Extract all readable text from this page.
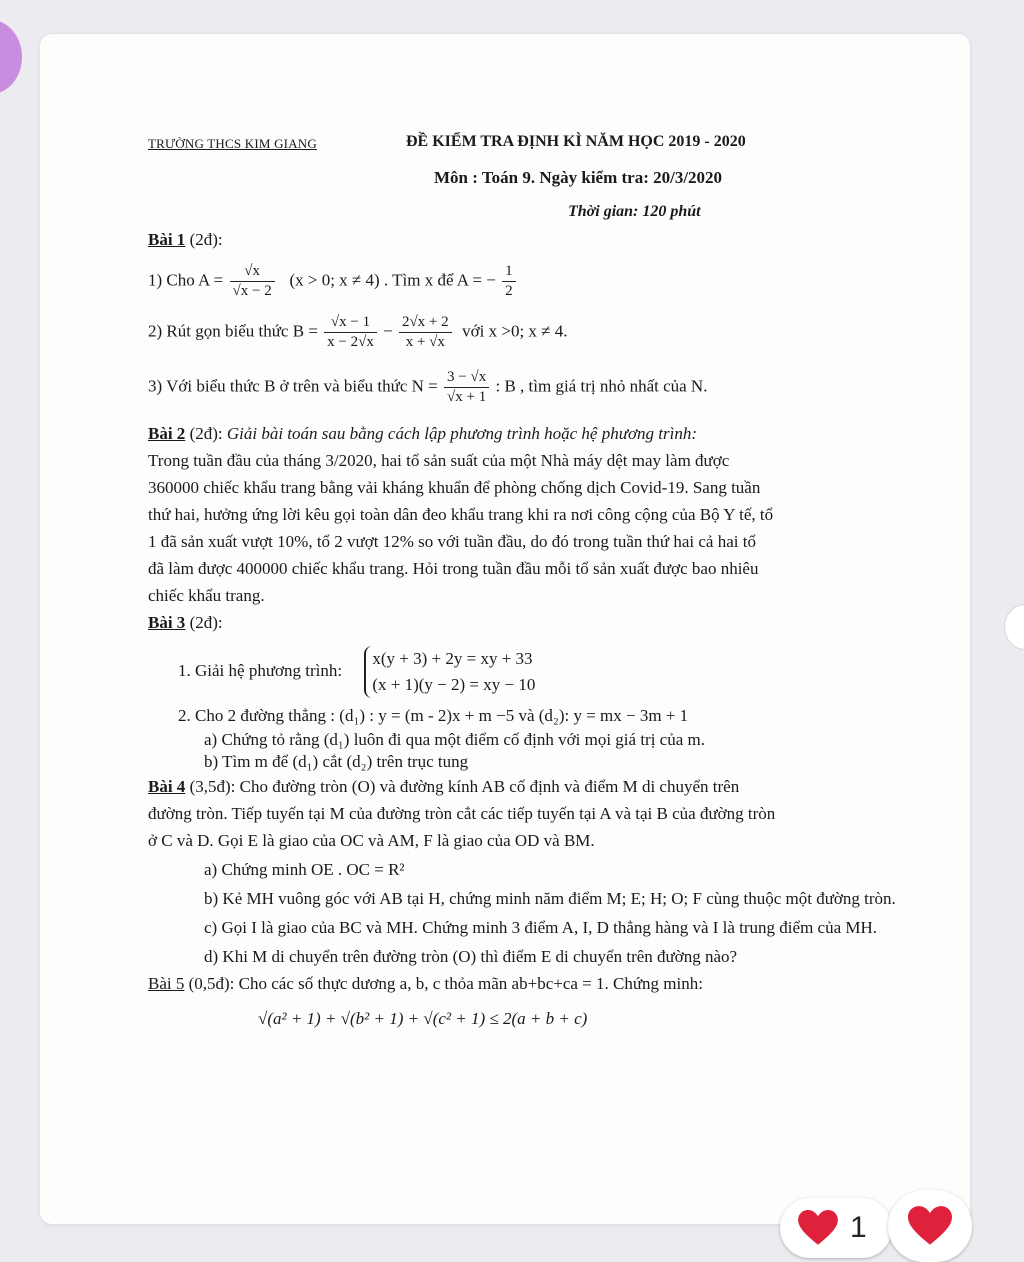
TRƯỜNG THCS KIM GIANG	ĐỀ KIỂM TRA ĐỊNH KÌ NĂM HỌC 2019 - 2020
Môn : Toán 9. Ngày kiểm tra: 20/3/2020
Thời gian: 120 phút
Bài 1 (2đ):
1) Cho $A = \frac{√x}{√x - 2} (x > 0$; x ≠ 4) . Tìm x để A = − $\frac{1}{2}$
2) Rút gọn biểu thức $B = \frac{√x - 1}{x - 2√x} - \frac{2√x + 2}{x + √x}$ với x >0; x ≠ 4.
3) Với biểu thức B ở trên và biểu thức $N = \frac{3 - √x}{√x + 1}$ : B , tìm giá trị nhỏ nhất của N.
Bài 2 (2đ): Giải bài toán sau bằng cách lập phương trình hoặc hệ phương trình:
Trong tuần đầu của tháng 3/2020, hai tổ sản suất của một Nhà máy dệt may làm được
360000 chiếc khẩu trang bằng vải kháng khuẩn để phòng chống dịch Covid-19. Sang tuần
thứ hai, hưởng ứng lời kêu gọi toàn dân đeo khẩu trang khi ra nơi công cộng của Bộ Y tế, tổ
1 đã sản xuất vượt 10%, tổ 2 vượt 12% so với tuần đầu, do đó trong tuần thứ hai cả hai tổ
đã làm được 400000 chiếc khẩu trang. Hỏi trong tuần đầu mỗi tổ sản xuất được bao nhiêu
chiếc khẩu trang.
Bài 3 (2đ):
1. Giải hệ phương trình:
x(y + 3) + 2y = xy + 33
(x + 1)(y − 2) = xy − 10
2. Cho 2 đường thẳng : (d₁) : y = (m - 2)x + m −5 và (d₂): y = mx − 3m + 1
a) Chứng tỏ rằng (d₁) luôn đi qua một điểm cố định với mọi giá trị của m.
b) Tìm m để (d₁) cắt (d₂) trên trục tung
Bài 4 (3,5đ): Cho đường tròn (O) và đường kính AB cố định và điểm M di chuyển trên
đường tròn. Tiếp tuyến tại M của đường tròn cắt các tiếp tuyến tại A và tại B của đường tròn
ở C và D. Gọi E là giao của OC và AM, F là giao của OD và BM.
a) Chứng minh OE . OC = R²
b) Kẻ MH vuông góc với AB tại H, chứng minh năm điểm M; E; H; O; F cùng thuộc một đường tròn.
c) Gọi I là giao của BC và MH. Chứng minh 3 điểm A, I, D thẳng hàng và I là trung điểm của MH.
d) Khi M di chuyển trên đường tròn (O) thì điểm E di chuyển trên đường nào?
Bài 5 (0,5đ): Cho các số thực dương a, b, c thỏa mãn ab+bc+ca = 1. Chứng minh:
√(a² + 1) + √(b² + 1) + √(c² + 1) ≤ 2(a + b + c)
1
